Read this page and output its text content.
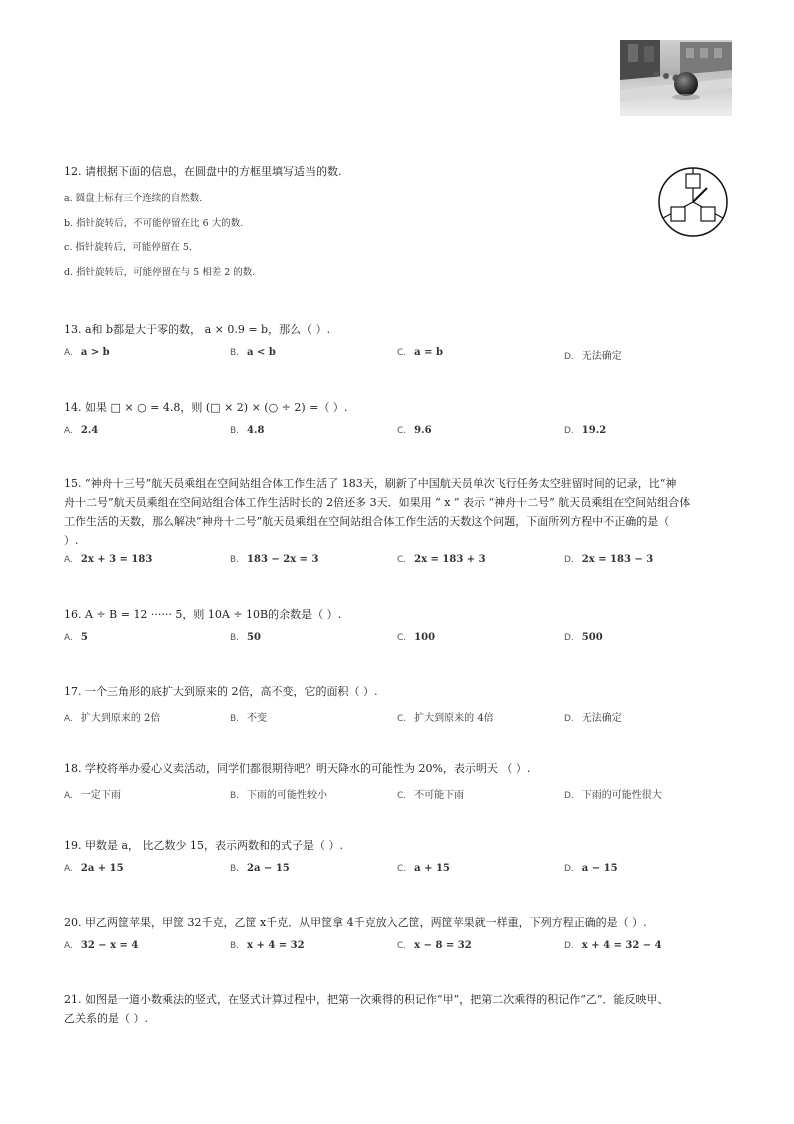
12. 请根据下面的信息，在圆盘中的方框里填写适当的数.

a. 圆盘上标有三个连续的自然数.
b. 指针旋转后，不可能停留在比 6 大的数.
c. 指针旋转后，可能停留在 5.
d. 指针旋转后，可能停留在与 5 相差 2 的数.

13. a和 b都是大于零的数， a × 0.9 = b，那么（ ）.

A. a > b	B. a < b	C. a = b	D. 无法确定

14. 如果 □ × ○ = 4.8，则 (□ × 2) × (○ ÷ 2) =（ ）.

A. 2.4	B. 4.8	C. 9.6	D. 19.2

15. “神舟十三号”航天员乘组在空间站组合体工作生活了 183天，刷新了中国航天员单次飞行任务太空驻留时间的记录，比“神

舟十二号”航天员乘组在空间站组合体工作生活时长的 2倍还多 3天．如果用 “ x ” 表示 “神舟十二号” 航天员乘组在空间站组合体

工作生活的天数，那么解决“神舟十二号”航天员乘组在空间站组合体工作生活的天数这个问题，下面所列方程中不正确的是（

）.

A. 2x + 3 = 183	B. 183 − 2x = 3	C. 2x = 183 + 3	D. 2x = 183 − 3

16. A ÷ B = 12 ······ 5，则 10A ÷ 10B的余数是（ ）.

A. 5	B. 50	C. 100	D. 500

17. 一个三角形的底扩大到原来的 2倍，高不变，它的面积（ ）.

A. 扩大到原来的 2倍	B. 不变	C. 扩大到原来的 4倍	D. 无法确定

18. 学校将举办爱心义卖活动，同学们都很期待吧？明天降水的可能性为 20%，表示明天 （ ）.

A. 一定下雨	B. 下雨的可能性较小	C. 不可能下雨	D. 下雨的可能性很大

19. 甲数是 a， 比乙数少 15，表示两数和的式子是（ ）.

A. 2a + 15	B. 2a − 15	C. a + 15	D. a − 15

20. 甲乙两筐苹果，甲筐 32千克，乙筐 x千克．从甲筐拿 4千克放入乙筐，两筐苹果就一样重，下列方程正确的是（ ）.

A. 32 − x = 4	B. x + 4 = 32	C. x − 8 = 32	D. x + 4 = 32 − 4

21. 如图是一道小数乘法的竖式，在竖式计算过程中，把第一次乘得的积记作“甲”，把第二次乘得的积记作“乙”．能反映甲、

乙关系的是（ ）.
